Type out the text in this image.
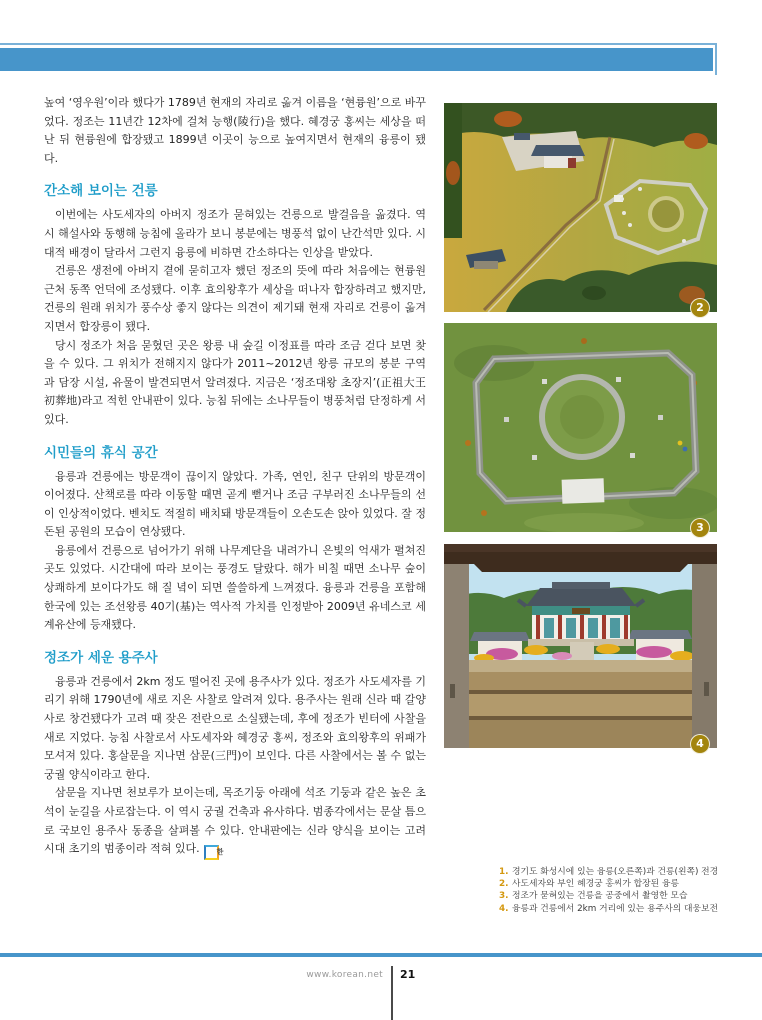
높여 ‘영우원’이라 했다가 1789년 현재의 자리로 옮겨 이름을 ‘현륭원’으로 바꾸었다. 정조는 11년간 12차에 걸쳐 능행(陵行)을 했다. 혜경궁 홍씨는 세상을 떠난 뒤 현륭원에 합장됐고 1899년 이곳이 능으로 높여지면서 현재의 융릉이 됐다.

간소해 보이는 건릉

이번에는 사도세자의 아버지 정조가 묻혀있는 건릉으로 발걸음을 옮겼다. 역시 해설사와 동행해 능침에 올라가 보니 봉분에는 병풍석 없이 난간석만 있다. 시대적 배경이 달라서 그런지 융릉에 비하면 간소하다는 인상을 받았다.

건릉은 생전에 아버지 곁에 묻히고자 했던 정조의 뜻에 따라 처음에는 현륭원 근처 동쪽 언덕에 조성됐다. 이후 효의왕후가 세상을 떠나자 합장하려고 했지만, 건릉의 원래 위치가 풍수상 좋지 않다는 의견이 제기돼 현재 자리로 건릉이 옮겨지면서 합장릉이 됐다.

당시 정조가 처음 묻혔던 곳은 왕릉 내 숲길 이정표를 따라 조금 걷다 보면 찾을 수 있다. 그 위치가 전해지지 않다가 2011~2012년 왕릉 규모의 봉분 구역과 담장 시설, 유물이 발견되면서 알려졌다. 지금은 ‘정조대왕 초장지’(正祖大王 初葬地)라고 적힌 안내판이 있다. 능침 뒤에는 소나무들이 병풍처럼 단정하게 서 있다.

시민들의 휴식 공간

융릉과 건릉에는 방문객이 끊이지 않았다. 가족, 연인, 친구 단위의 방문객이 이어졌다. 산책로를 따라 이동할 때면 곧게 뻗거나 조금 구부러진 소나무들의 선이 인상적이었다. 벤치도 적절히 배치돼 방문객들이 오손도손 앉아 있었다. 잘 정돈된 공원의 모습이 연상됐다.

융릉에서 건릉으로 넘어가기 위해 나무계단을 내려가니 은빛의 억새가 펼쳐진 곳도 있었다. 시간대에 따라 보이는 풍경도 달랐다. 해가 비칠 때면 소나무 숲이 상쾌하게 보이다가도 해 질 녘이 되면 쓸쓸하게 느껴졌다. 융릉과 건릉을 포함해 한국에 있는 조선왕릉 40기(基)는 역사적 가치를 인정받아 2009년 유네스코 세계유산에 등재됐다.

정조가 세운 용주사

융릉과 건릉에서 2km 정도 떨어진 곳에 용주사가 있다. 정조가 사도세자를 기리기 위해 1790년에 새로 지은 사찰로 알려져 있다. 용주사는 원래 신라 때 갈양사로 창건됐다가 고려 때 잦은 전란으로 소실됐는데, 후에 정조가 빈터에 사찰을 새로 지었다. 능침 사찰로서 사도세자와 혜경궁 홍씨, 정조와 효의왕후의 위패가 모셔져 있다. 홍살문을 지나면 삼문(三門)이 보인다. 다른 사찰에서는 볼 수 없는 궁궐 양식이라고 한다.

삼문을 지나면 천보루가 보이는데, 목조기둥 아래에 석조 기둥과 같은 높은 초석이 눈길을 사로잡는다. 이 역시 궁궐 건축과 유사하다. 범종각에서는 문살 틈으로 국보인 용주사 동종을 살펴볼 수 있다. 안내판에는 신라 양식을 보이는 고려 시대 초기의 범종이라 적혀 있다. 한

2
3
4
1. 경기도 화성시에 있는 융릉(오른쪽)과 건릉(왼쪽) 전경
2. 사도세자와 부인 혜경궁 홍씨가 합장된 융릉
3. 정조가 묻혀있는 건릉을 공중에서 촬영한 모습
4. 융릉과 건릉에서 2km 거리에 있는 용주사의 대웅보전
www.korean.net 21
